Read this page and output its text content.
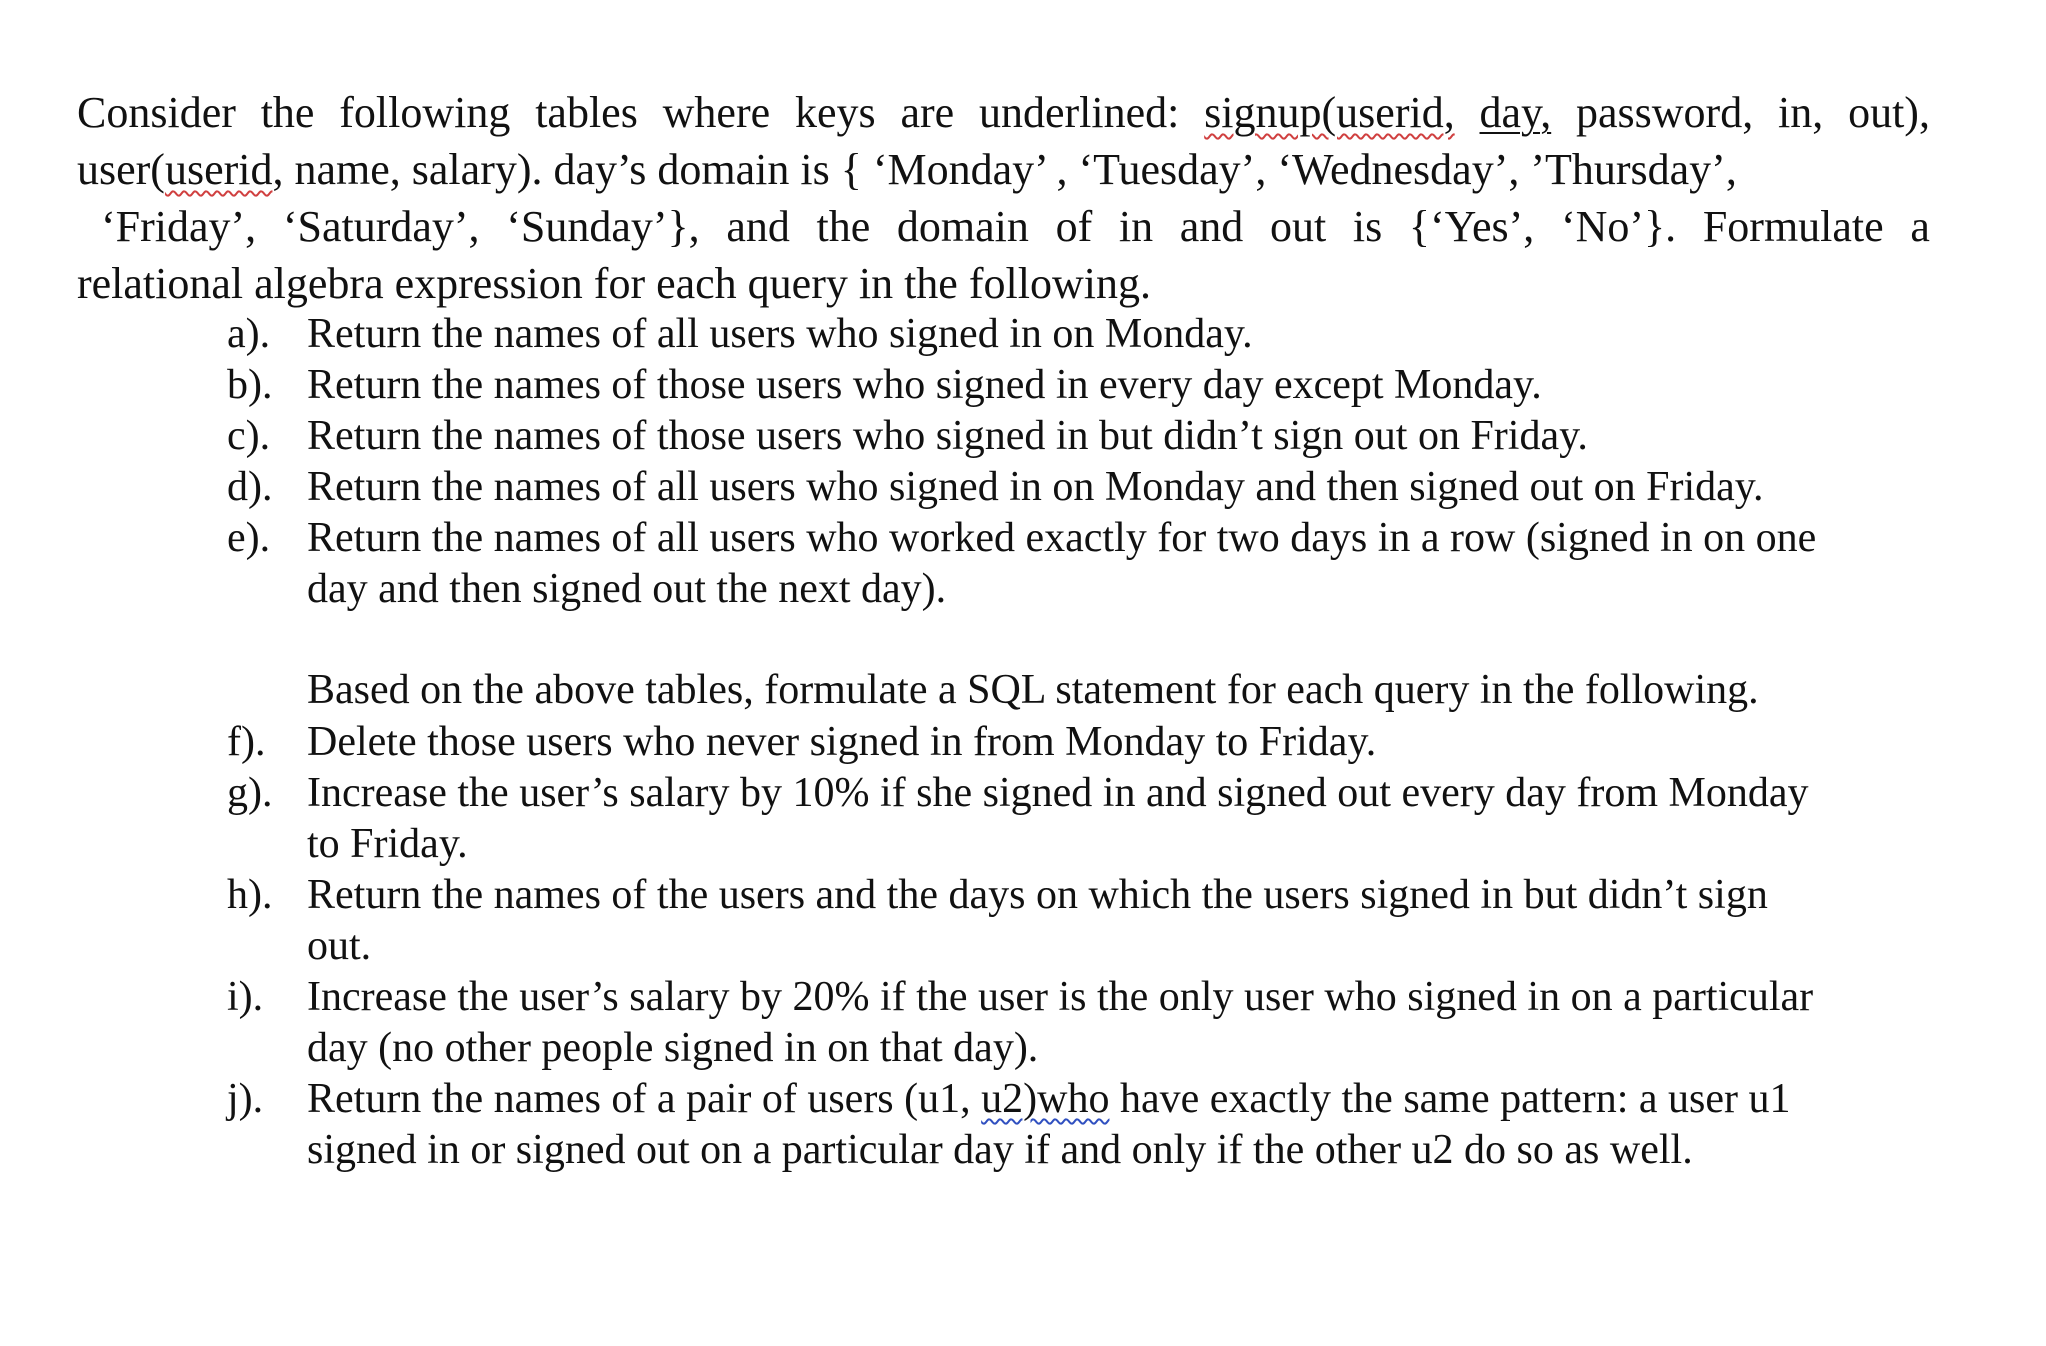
Consider the following tables where keys are underlined: signup(userid, day, password, in, out),
user(userid, name, salary). day’s domain is { ‘Monday’ , ‘Tuesday’, ‘Wednesday’, ’Thursday’,
‘Friday’, ‘Saturday’, ‘Sunday’}, and the domain of in and out is {‘Yes’, ‘No’}. Formulate a
relational algebra expression for each query in the following.
a). Return the names of all users who signed in on Monday.
b). Return the names of those users who signed in every day except Monday.
c). Return the names of those users who signed in but didn’t sign out on Friday.
d). Return the names of all users who signed in on Monday and then signed out on Friday.
e). Return the names of all users who worked exactly for two days in a row (signed in on one
day and then signed out the next day).
Based on the above tables, formulate a SQL statement for each query in the following.
f). Delete those users who never signed in from Monday to Friday.
g). Increase the user’s salary by 10% if she signed in and signed out every day from Monday
to Friday.
h). Return the names of the users and the days on which the users signed in but didn’t sign
out.
i).	Increase the user’s salary by 20% if the user is the only user who signed in on a particular
day (no other people signed in on that day).
j).	Return the names of a pair of users (u1, u2)who have exactly the same pattern: a user u1
signed in or signed out on a particular day if and only if the other u2 do so as well.
